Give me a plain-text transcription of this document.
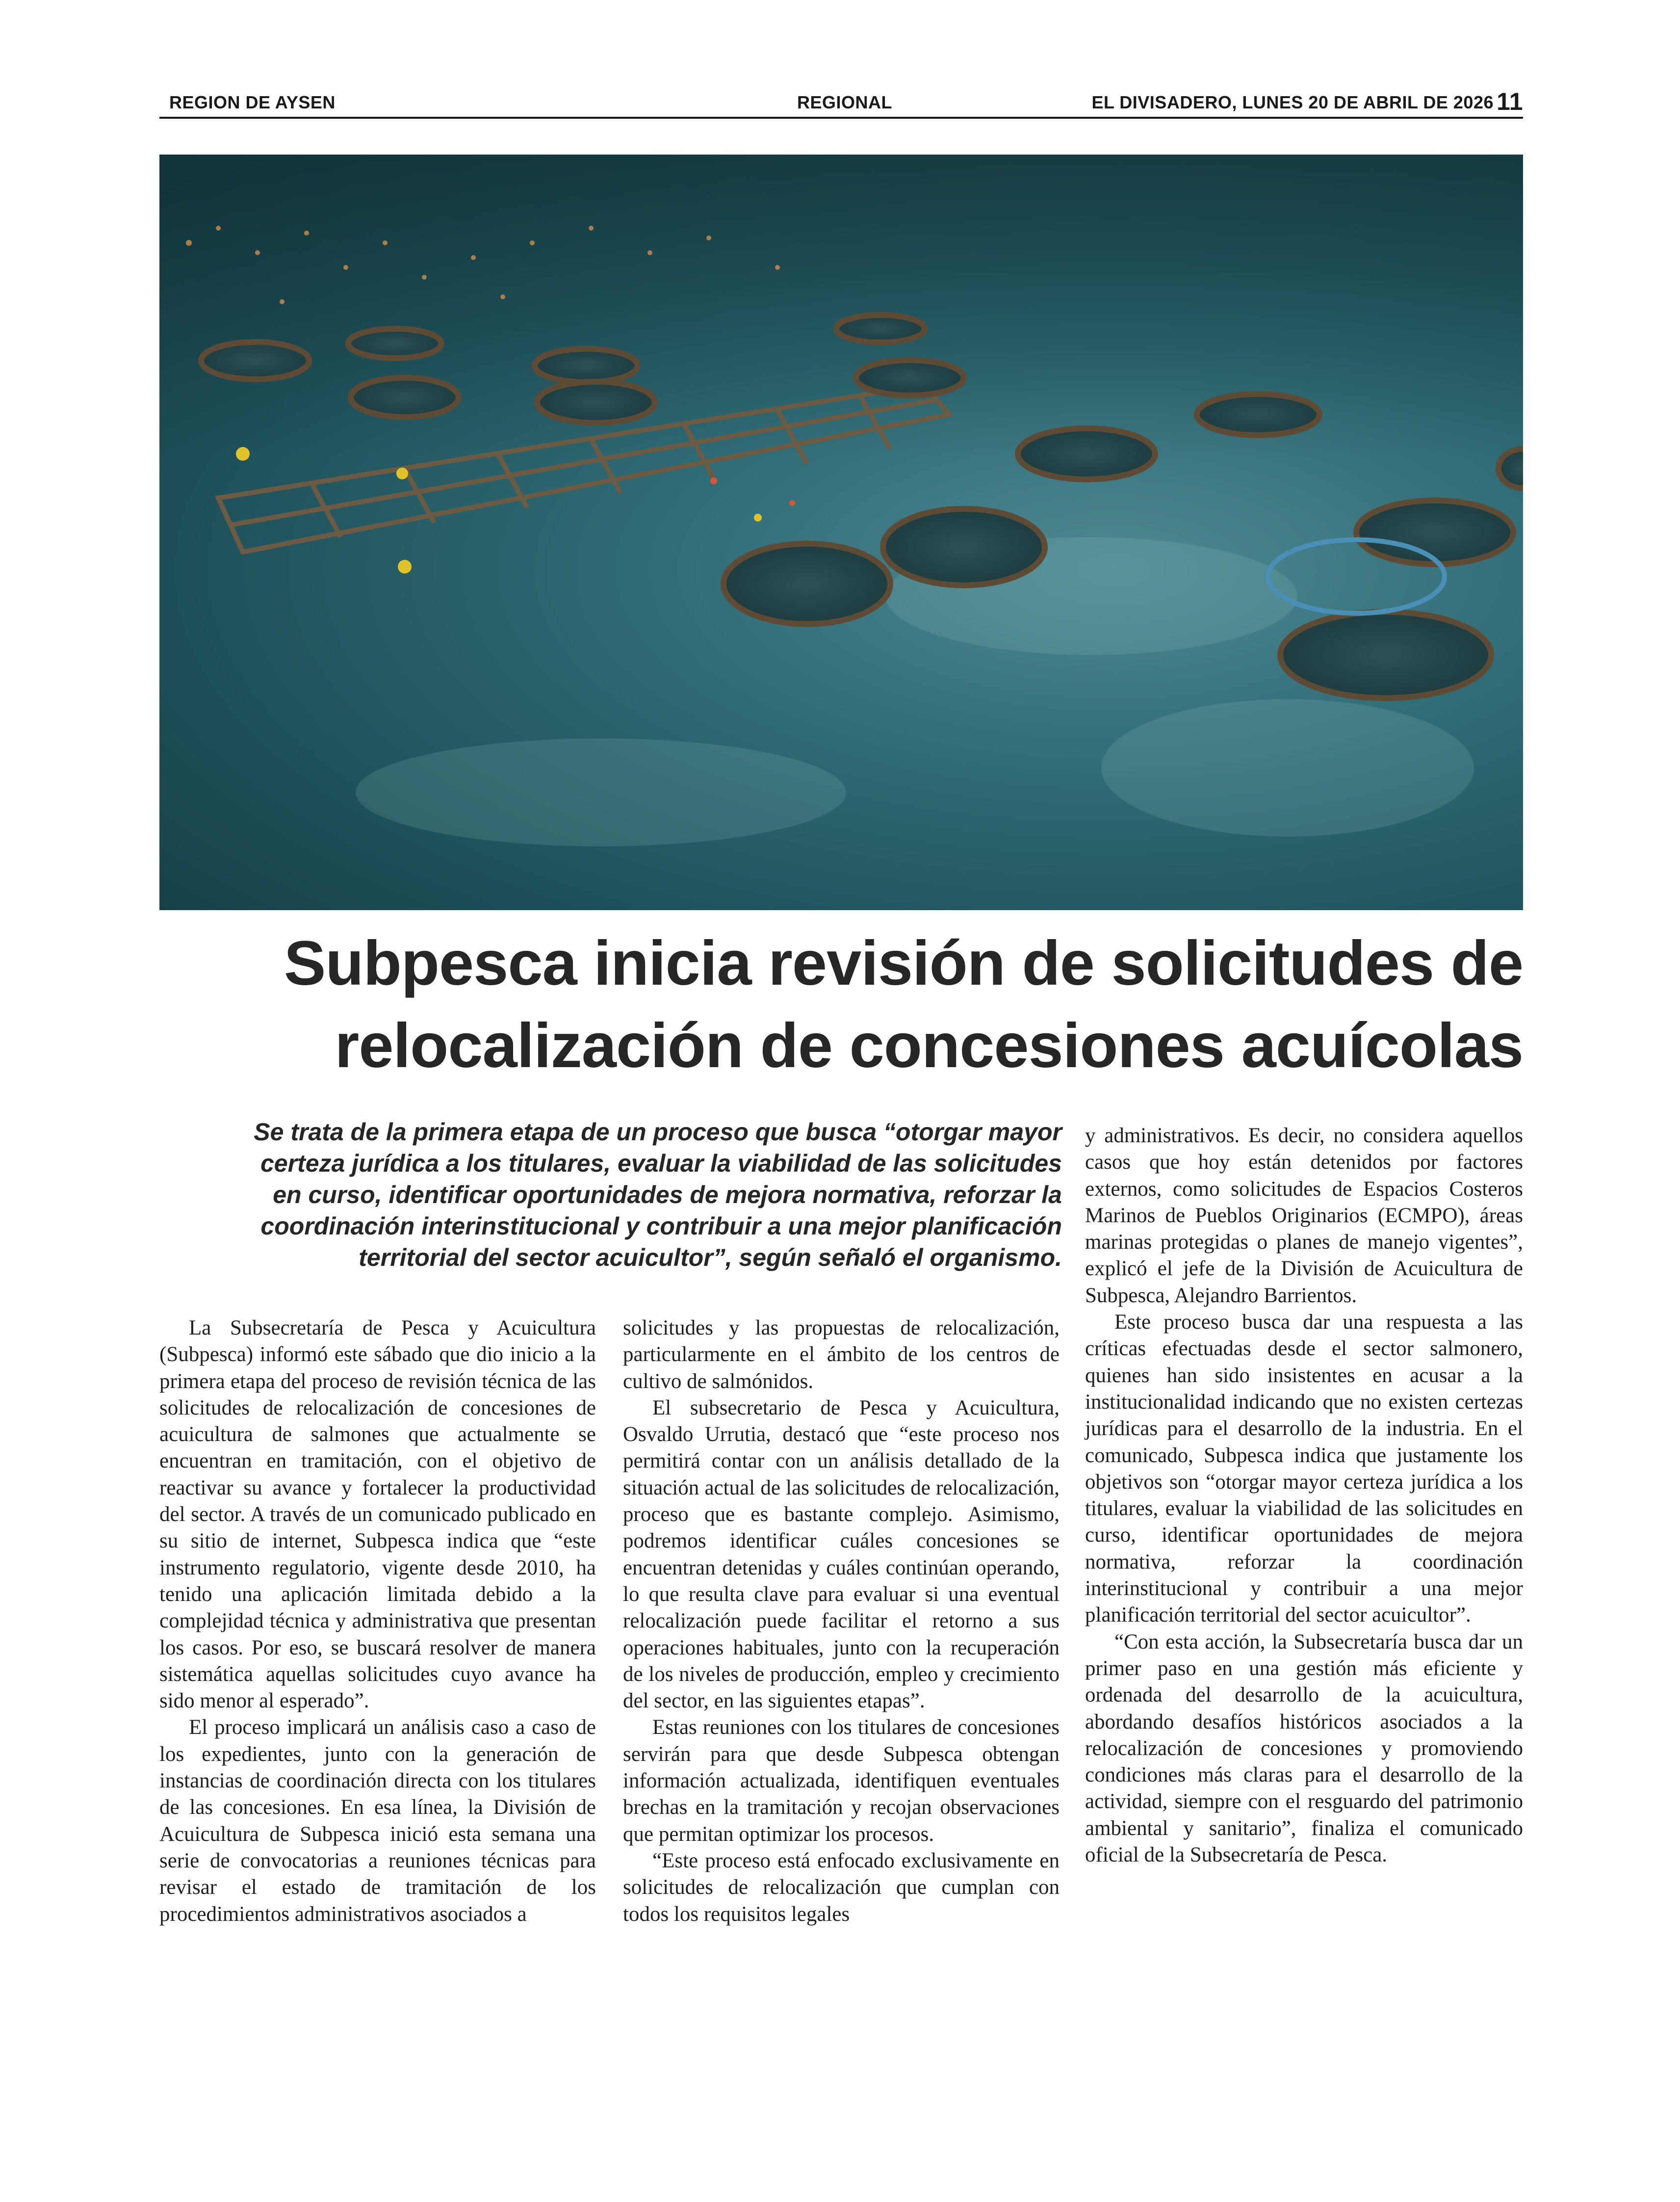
REGION DE AYSEN	REGIONAL	EL DIVISADERO, LUNES 20 DE ABRIL DE 2026 11
Subpesca inicia revisión de solicitudes de
relocalización de concesiones acuícolas
Se trata de la primera etapa de un proceso que busca “otorgar mayor
certeza jurídica a los titulares, evaluar la viabilidad de las solicitudes
en curso, identificar oportunidades de mejora normativa, reforzar la
coordinación interinstitucional y contribuir a una mejor planificación
territorial del sector acuicultor”, según señaló el organismo.

La Subsecretaría de Pesca y Acuicultura (Subpesca) informó este sábado que dio inicio a la primera etapa del proceso de revisión técnica de las solicitudes de relocalización de concesiones de acuicultura de salmones que actualmente se encuentran en tramitación, con el objetivo de reactivar su avance y fortalecer la productividad del sector. A través de un comunicado publicado en su sitio de internet, Subpesca indica que “este instrumento regulatorio, vigente desde 2010, ha tenido una aplicación limitada debido a la complejidad técnica y administrativa que presentan los casos. Por eso, se buscará resolver de manera sistemática aquellas solicitudes cuyo avance ha sido menor al esperado”.

El proceso implicará un análisis caso a caso de los expedientes, junto con la generación de instancias de coordinación directa con los titulares de las concesiones. En esa línea, la División de Acuicultura de Subpesca inició esta semana una serie de convocatorias a reuniones técnicas para revisar el estado de tramitación de los procedimientos administrativos asociados a

solicitudes y las propuestas de relocalización, particularmente en el ámbito de los centros de cultivo de salmónidos.

El subsecretario de Pesca y Acuicultura, Osvaldo Urrutia, destacó que “este proceso nos permitirá contar con un análisis detallado de la situación actual de las solicitudes de relocalización, proceso que es bastante complejo. Asimismo, podremos identificar cuáles concesiones se encuentran detenidas y cuáles continúan operando, lo que resulta clave para evaluar si una eventual relocalización puede facilitar el retorno a sus operaciones habituales, junto con la recuperación de los niveles de producción, empleo y crecimiento del sector, en las siguientes etapas”.

Estas reuniones con los titulares de concesiones servirán para que desde Subpesca obtengan información actualizada, identifiquen eventuales brechas en la tramitación y recojan observaciones que permitan optimizar los procesos.

“Este proceso está enfocado exclusivamente en solicitudes de relocalización que cumplan con todos los requisitos legales

y administrativos. Es decir, no considera aquellos casos que hoy están detenidos por factores externos, como solicitudes de Espacios Costeros Marinos de Pueblos Originarios (ECMPO), áreas marinas protegidas o planes de manejo vigentes”, explicó el jefe de la División de Acuicultura de Subpesca, Alejandro Barrientos.

Este proceso busca dar una respuesta a las críticas efectuadas desde el sector salmonero, quienes han sido insistentes en acusar a la institucionalidad indicando que no existen certezas jurídicas para el desarrollo de la industria. En el comunicado, Subpesca indica que justamente los objetivos son “otorgar mayor certeza jurídica a los titulares, evaluar la viabilidad de las solicitudes en curso, identificar oportunidades de mejora normativa, reforzar la coordinación interinstitucional y contribuir a una mejor planificación territorial del sector acuicultor”.

“Con esta acción, la Subsecretaría busca dar un primer paso en una gestión más eficiente y ordenada del desarrollo de la acuicultura, abordando desafíos históricos asociados a la relocalización de concesiones y promoviendo condiciones más claras para el desarrollo de la actividad, siempre con el resguardo del patrimonio ambiental y sanitario”, finaliza el comunicado oficial de la Subsecretaría de Pesca.
